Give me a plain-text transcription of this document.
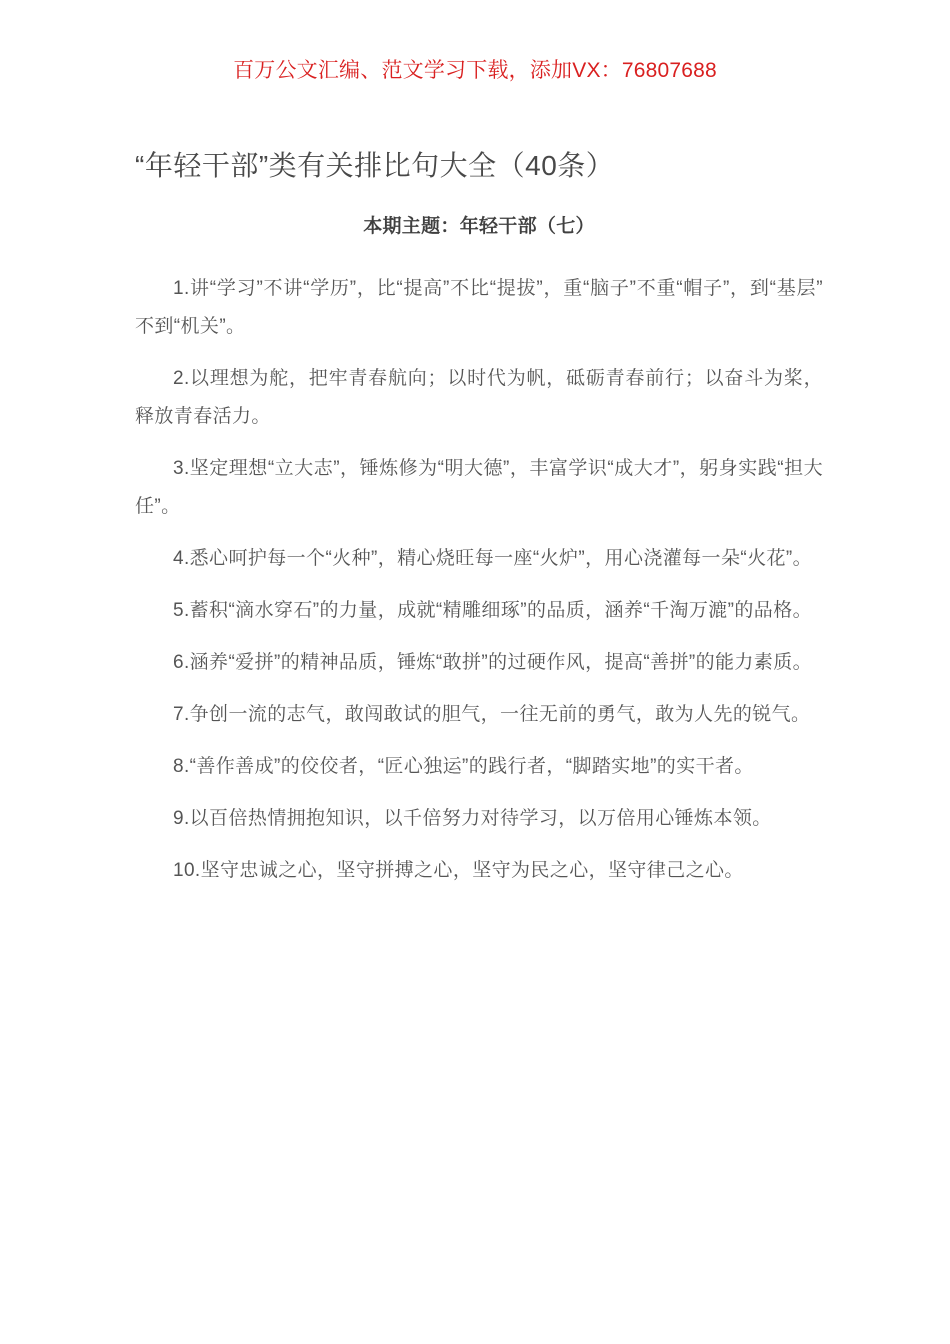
百万公文汇编、范文学习下载，添加VX：76807688
“年轻干部”类有关排比句大全（40条）
本期主题：年轻干部（七）

1.讲“学习”不讲“学历”，比“提高”不比“提拔”，重“脑子”不重“帽子”，到“基层”不到“机关”。

2.以理想为舵，把牢青春航向；以时代为帆，砥砺青春前行；以奋斗为桨，释放青春活力。

3.坚定理想“立大志”，锤炼修为“明大德”，丰富学识“成大才”，躬身实践“担大任”。

4.悉心呵护每一个“火种”，精心烧旺每一座“火炉”，用心浇灌每一朵“火花”。

5.蓄积“滴水穿石”的力量，成就“精雕细琢”的品质，涵养“千淘万漉”的品格。

6.涵养“爱拼”的精神品质，锤炼“敢拼”的过硬作风，提高“善拼”的能力素质。

7.争创一流的志气，敢闯敢试的胆气，一往无前的勇气，敢为人先的锐气。

8.“善作善成”的佼佼者，“匠心独运”的践行者，“脚踏实地”的实干者。

9.以百倍热情拥抱知识，以千倍努力对待学习，以万倍用心锤炼本领。

10.坚守忠诚之心，坚守拼搏之心，坚守为民之心，坚守律己之心。
